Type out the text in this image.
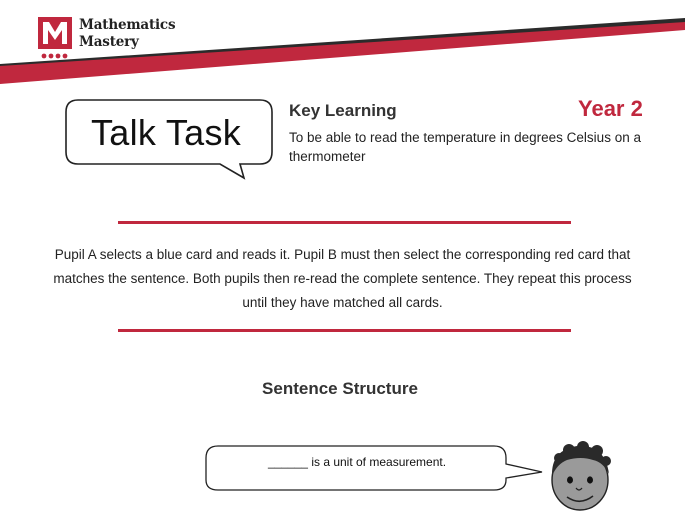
Mathematics
Mastery
Talk Task
Key Learning	Year 2
To be able to read the temperature in degrees Celsius on a thermometer
Pupil A selects a blue card and reads it. Pupil B must then select the corresponding red card that
matches the sentence. Both pupils then re-read the complete sentence. They repeat this process
until they have matched all cards.
Sentence Structure
______ is a unit of measurement.
